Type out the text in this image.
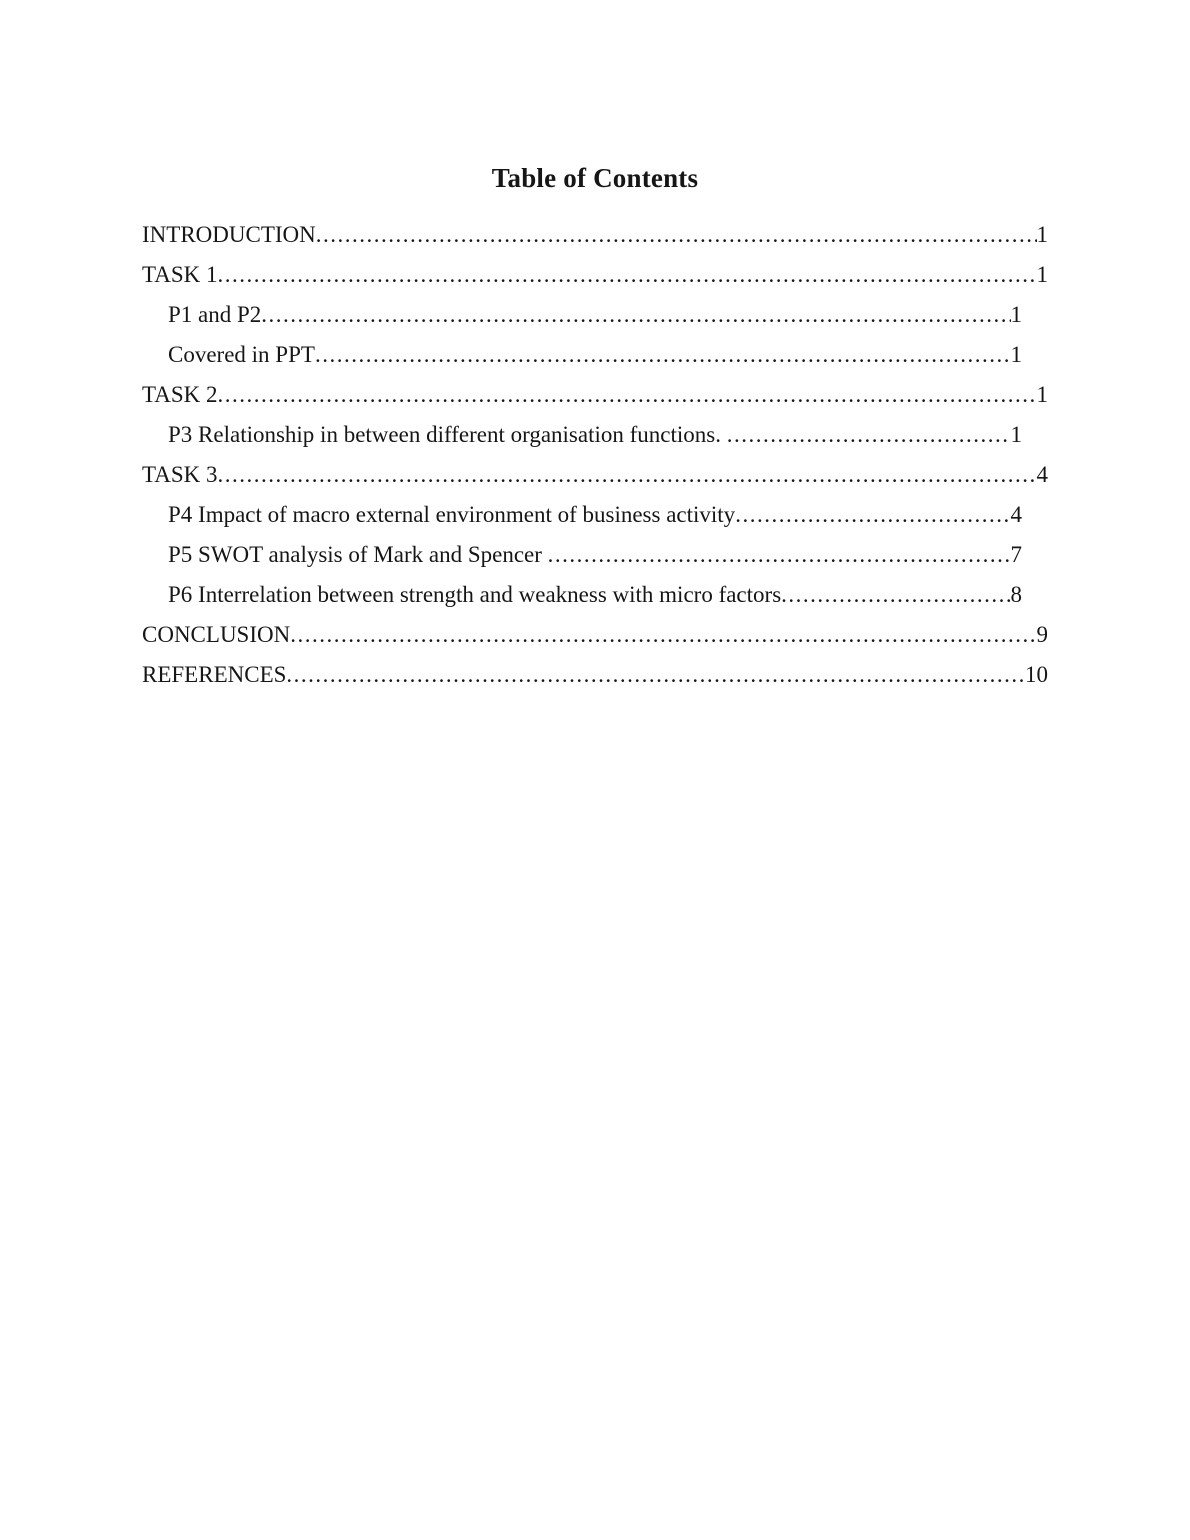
Table of Contents
INTRODUCTION .....	1
TASK 1 .....	1
P1 and P2 .....	1
Covered in PPT .....	1
TASK 2 .....	1
P3 Relationship in between different organisation functions. .....	1
TASK 3 .....	4
P4 Impact of macro external environment of business activity .....	4
P5 SWOT analysis of Mark and Spencer .....	7
P6 Interrelation between strength and weakness with micro factors .....	8
CONCLUSION .....	9
REFERENCES .....	10
